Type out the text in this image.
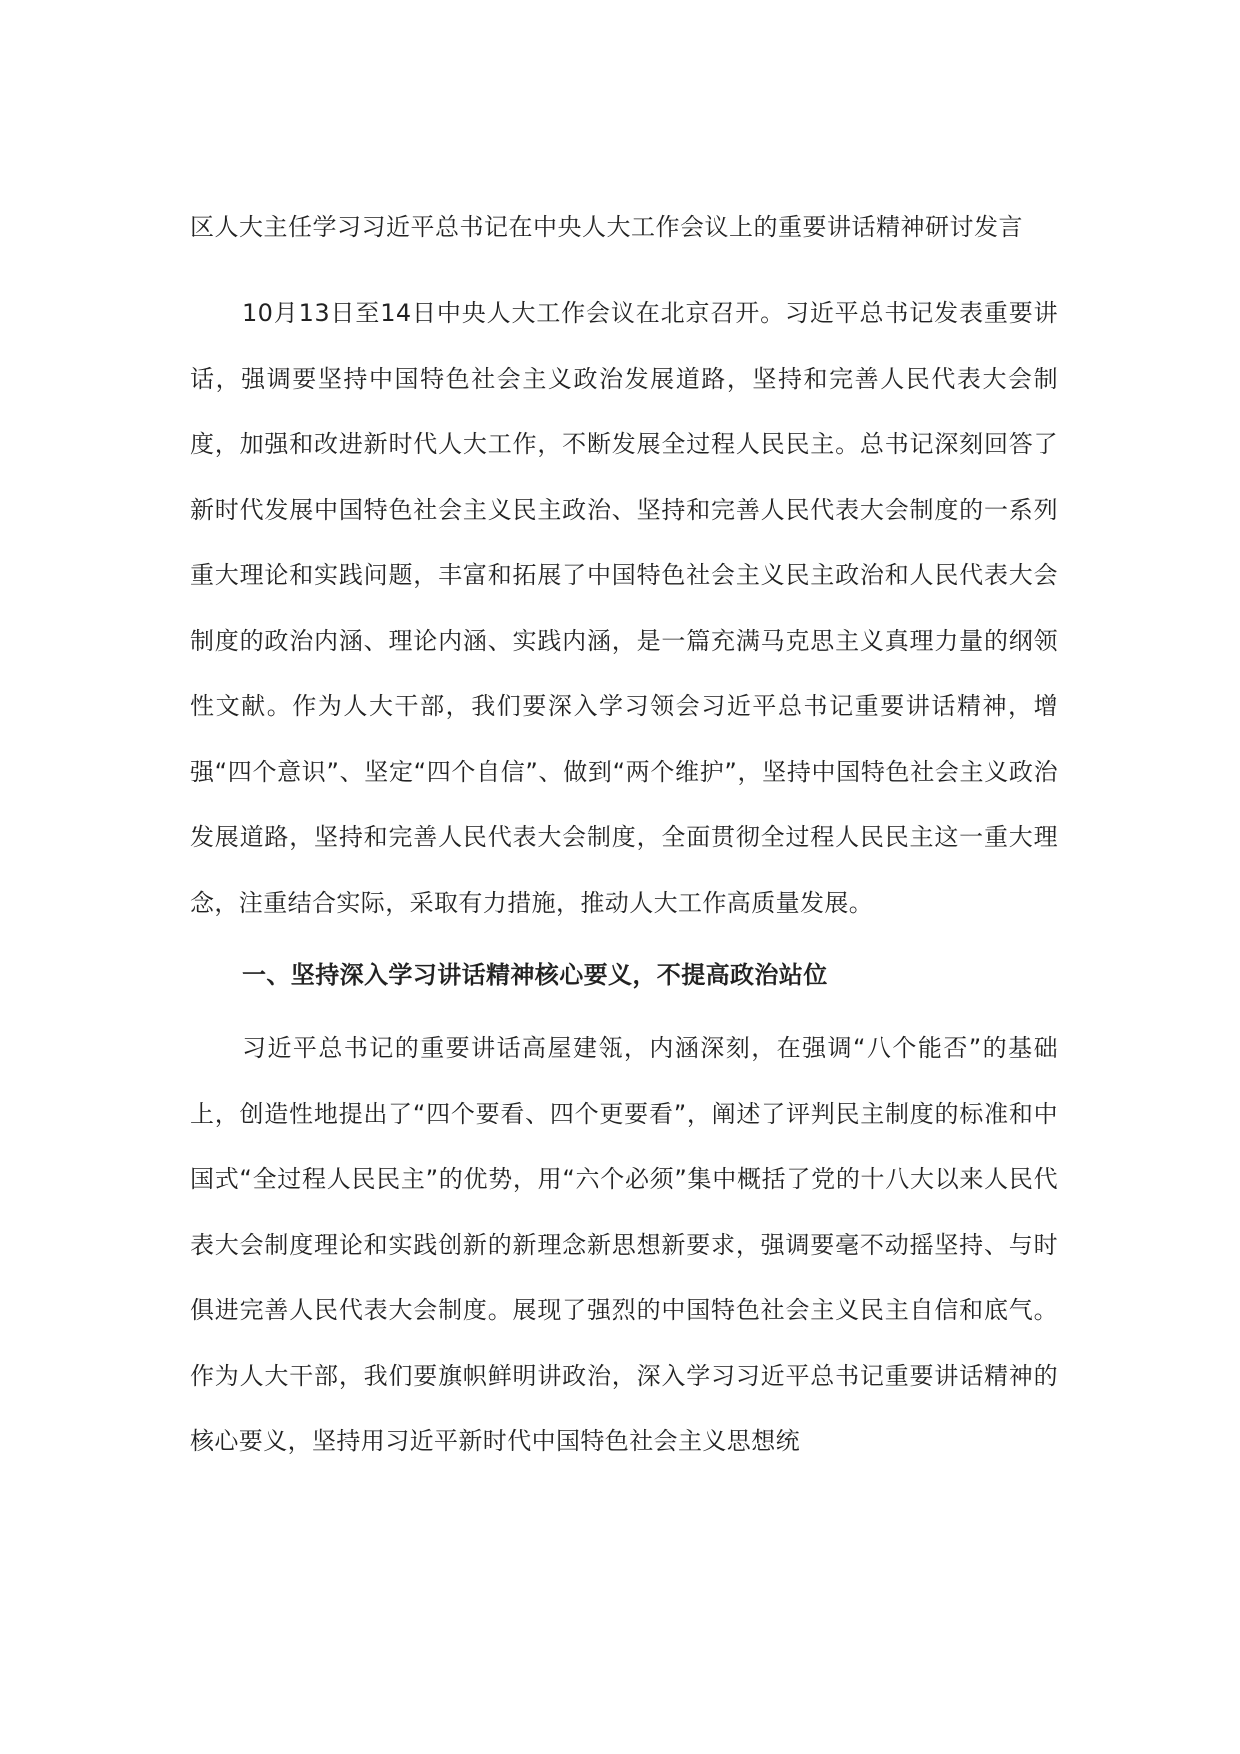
区人大主任学习习近平总书记在中央人大工作会议上的重要讲话精神研讨发言

10月13日至14日中央人大工作会议在北京召开。习近平总书记发表重要讲话，强调要坚持中国特色社会主义政治发展道路，坚持和完善人民代表大会制度，加强和改进新时代人大工作，不断发展全过程人民民主。总书记深刻回答了新时代发展中国特色社会主义民主政治、坚持和完善人民代表大会制度的一系列重大理论和实践问题，丰富和拓展了中国特色社会主义民主政治和人民代表大会制度的政治内涵、理论内涵、实践内涵，是一篇充满马克思主义真理力量的纲领性文献。作为人大干部，我们要深入学习领会习近平总书记重要讲话精神，增强“四个意识”、坚定“四个自信”、做到“两个维护”，坚持中国特色社会主义政治发展道路，坚持和完善人民代表大会制度，全面贯彻全过程人民民主这一重大理念，注重结合实际，采取有力措施，推动人大工作高质量发展。

一、坚持深入学习讲话精神核心要义，不提高政治站位

习近平总书记的重要讲话高屋建瓴，内涵深刻，在强调“八个能否”的基础上，创造性地提出了“四个要看、四个更要看”，阐述了评判民主制度的标准和中国式“全过程人民民主”的优势，用“六个必须”集中概括了党的十八大以来人民代表大会制度理论和实践创新的新理念新思想新要求，强调要毫不动摇坚持、与时俱进完善人民代表大会制度。展现了强烈的中国特色社会主义民主自信和底气。作为人大干部，我们要旗帜鲜明讲政治，深入学习习近平总书记重要讲话精神的核心要义，坚持用习近平新时代中国特色社会主义思想统
